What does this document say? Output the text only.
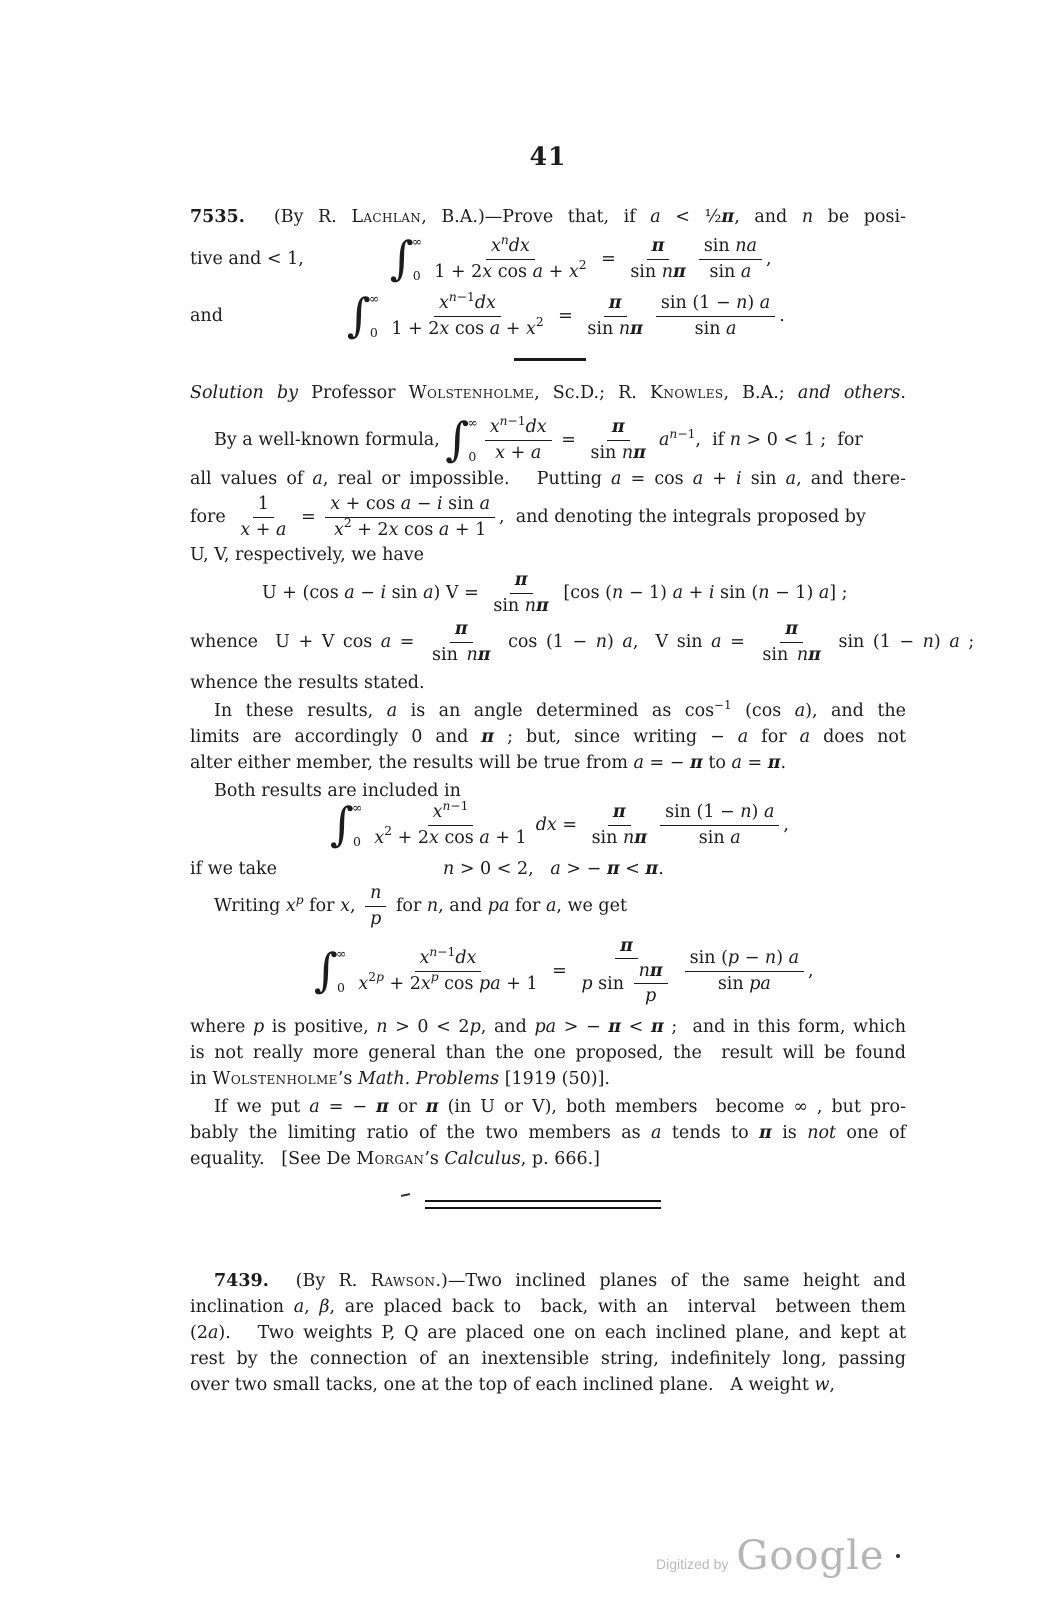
41
7535.  (By R. Lachlan, B.A.)—Prove that, if a < ½π, and n be posi-
tive and < 1, ∫
∞
$0 \frac{\text{x n dx}}{\text{1 + 2 x cos a + x 2}} = \frac{\pi}{\text{sin n π}} \frac{\text{sin na}}{\text{sin a}}$ ,
and	∫
∞
$0 \frac{\text{x n −1 dx}}{\text{1 + 2 x cos a + x 2}} = \frac{\pi}{\text{sin n π}} \frac{\sin (1 - n ) a}{\text{sin a}}$ .
Solution by Professor Wolstenholme, Sc.D.; R. Knowles, B.A.; and others.
By a well-known formula, ∫
∞
$0 \frac{\text{x n −1 dx}}{x + a} = \frac{\pi}{\text{sin n π}}$ a n −1 ,  if n > 0 < 1 ;  for
all values of a, real or impossible.   Putting a = cos a + i sin a, and there-
fore $\frac{1}{x + a} = \frac{\text{x + cos a − i sin a}}{\text{x 2 + 2 x cos a + 1}}$ ,  and denoting the integrals proposed by
U, V, respectively, we have
U + (cos a − i sin a ) $V = \frac{\pi}{\text{sin n π}} [\cos$ ( n − 1) a + i sin ( n − 1) a ] ;
whence  U + V $\cos a = \frac{\pi}{\text{sin n π}}$ cos (1 − n ) a ,  V $\sin a = \frac{\pi}{\text{sin n π}}$ sin (1 − n ) a ;
whence the results stated.
In these results, a is an angle determined as $\cos^{-1} (\cos$ a), and the
limits are accordingly 0 and π ; but, since writing − a for a does not
alter either member, the results will be true from a = − π to a = π.
Both results are included in
∫
∞
$0 \frac{\text{x n −1}}{\text{x 2 + 2 x cos a + 1}}$ dx = $\frac{\pi}{\text{sin n π}} \frac{\sin (1 - n ) a}{\text{sin a}}$ ,
if we take	n > 0 < 2, a > − π < π .
Writing x p for x , $\frac{n}{p}$ for n , and pa for a , we get
∫
∞
$0 \frac{\text{x n −1 dx}}{\text{x 2 p + 2 x p cos pa + 1}} = \frac{\pi}{p \sin \frac{\text{n π}}{p}} \frac{\sin ( p - n ) a}{\text{sin pa}}$ ,
where p is positive, n > 0 < 2p, and pa > − π < π ;  and in this form, which
is not really more general than the one proposed, the  result will be found
in Wolstenholme’s Math. Problems [1919 (50)].
If we put a = − π or π (in U or V), both members  become ∞ , but pro-
bably the limiting ratio of the two members as a tends to π is not one of
equality.   [See De Morgan’s Calculus, p. 666.]
7439.  (By R. Rawson.)—Two inclined planes of the same height and
inclination a, β, are placed back to  back, with an  interval  between them
(2a).   Two weights P, Q are placed one on each inclined plane, and kept at
rest by the connection of an inextensible string, indefinitely long, passing
over two small tacks, one at the top of each inclined plane.   A weight w,
Digitized by Google
